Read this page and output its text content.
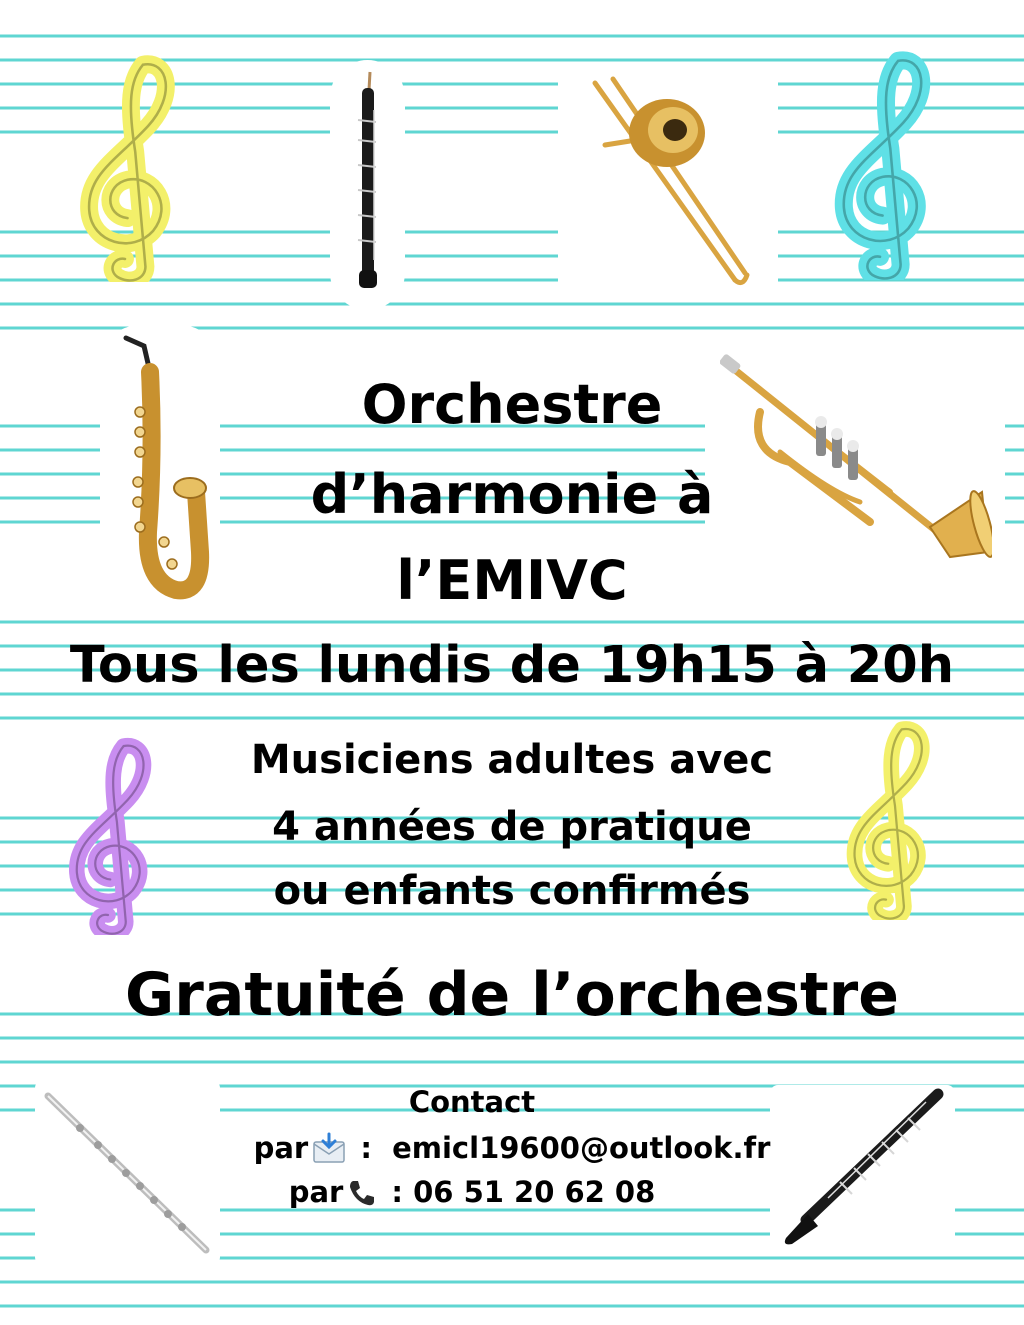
Orchestre
d’harmonie à
l’EMIVC
Tous les lundis de 19h15 à 20h
Musiciens adultes avec
4 années de pratique
ou enfants confirmés
Gratuité de l’orchestre
Contact
par :  emicl19600@outlook.fr
par : 06 51 20 62 08
